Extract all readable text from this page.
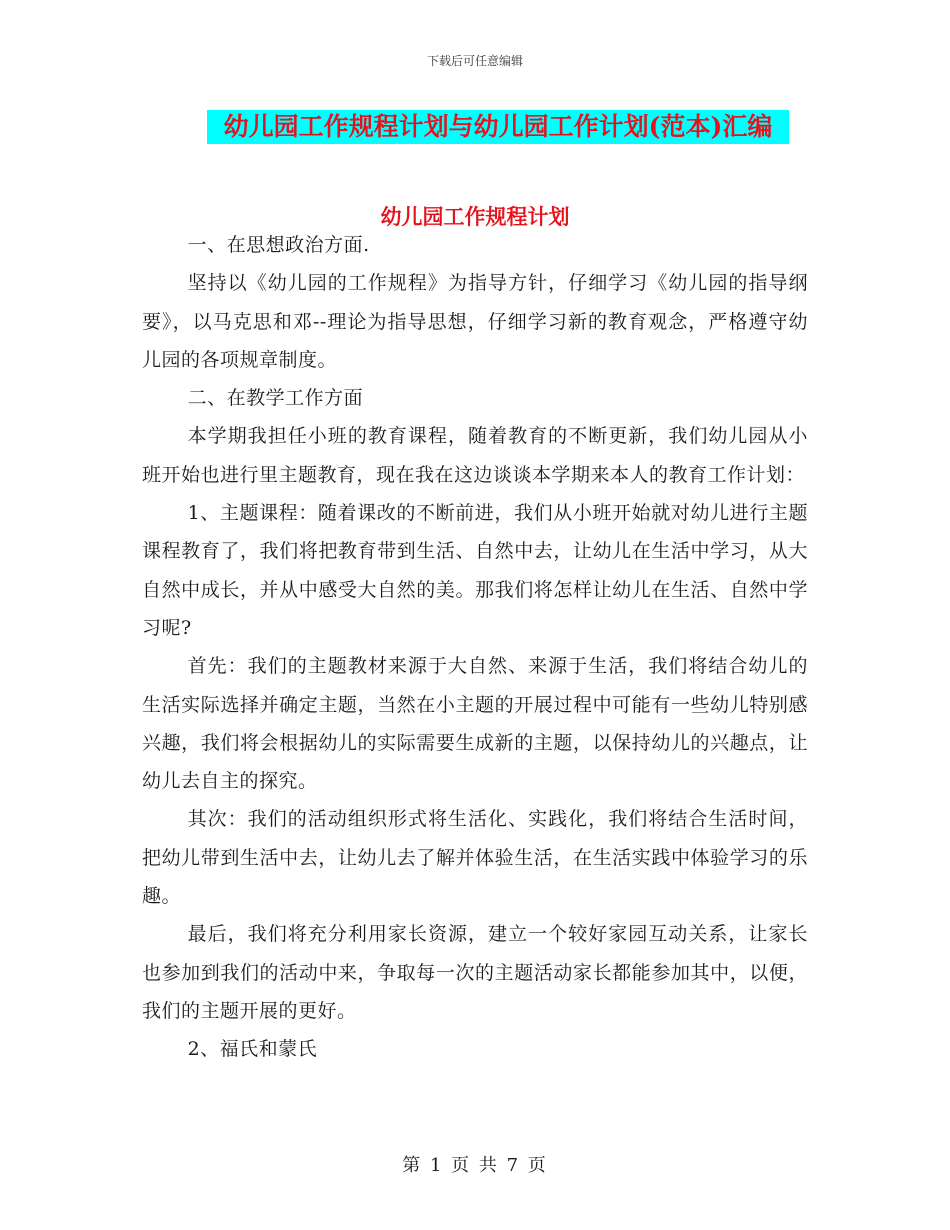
下载后可任意编辑
幼儿园工作规程计划与幼儿园工作计划(范本)汇编
幼儿园工作规程计划

一、在思想政治方面.

坚持以《幼儿园的工作规程》为指导方针，仔细学习《幼儿园的指导纲要》，以马克思和邓--理论为指导思想，仔细学习新的教育观念，严格遵守幼儿园的各项规章制度。

二、在教学工作方面

本学期我担任小班的教育课程，随着教育的不断更新，我们幼儿园从小班开始也进行里主题教育，现在我在这边谈谈本学期来本人的教育工作计划：

1、主题课程：随着课改的不断前进，我们从小班开始就对幼儿进行主题课程教育了，我们将把教育带到生活、自然中去，让幼儿在生活中学习，从大自然中成长，并从中感受大自然的美。那我们将怎样让幼儿在生活、自然中学习呢?

首先：我们的主题教材来源于大自然、来源于生活，我们将结合幼儿的生活实际选择并确定主题，当然在小主题的开展过程中可能有一些幼儿特别感兴趣，我们将会根据幼儿的实际需要生成新的主题，以保持幼儿的兴趣点，让幼儿去自主的探究。

其次：我们的活动组织形式将生活化、实践化，我们将结合生活时间，把幼儿带到生活中去，让幼儿去了解并体验生活，在生活实践中体验学习的乐趣。

最后，我们将充分利用家长资源，建立一个较好家园互动关系，让家长也参加到我们的活动中来，争取每一次的主题活动家长都能参加其中，以便，我们的主题开展的更好。

2、福氏和蒙氏

第 1 页 共 7 页
